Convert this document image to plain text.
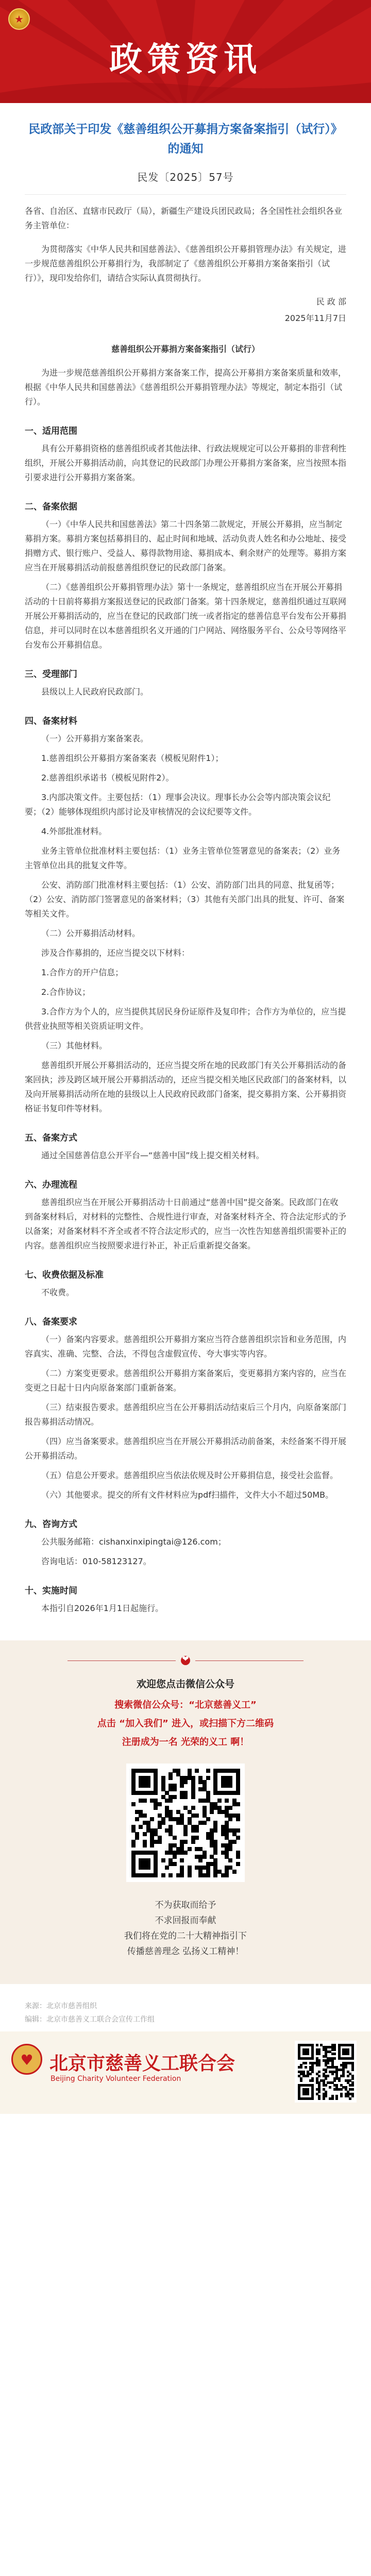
★
政策资讯
民政部关于印发《慈善组织公开募捐方案备案指引（试行）》的通知
民发〔2025〕57号
各省、自治区、直辖市民政厅（局），新疆生产建设兵团民政局；各全国性社会组织各业务主管单位：
为贯彻落实《中华人民共和国慈善法》、《慈善组织公开募捐管理办法》有关规定，进一步规范慈善组织公开募捐行为，我部制定了《慈善组织公开募捐方案备案指引（试行）》，现印发给你们，请结合实际认真贯彻执行。
民 政 部
2025年11月7日
慈善组织公开募捐方案备案指引（试行）
为进一步规范慈善组织公开募捐方案备案工作，提高公开募捐方案备案质量和效率，根据《中华人民共和国慈善法》《慈善组织公开募捐管理办法》等规定，制定本指引（试行）。
一、适用范围
具有公开募捐资格的慈善组织或者其他法律、行政法规规定可以公开募捐的非营利性组织，开展公开募捐活动前，向其登记的民政部门办理公开募捐方案备案，应当按照本指引要求进行公开募捐方案备案。
二、备案依据
（一）《中华人民共和国慈善法》第二十四条第二款规定，开展公开募捐，应当制定募捐方案。募捐方案包括募捐目的、起止时间和地域、活动负责人姓名和办公地址、接受捐赠方式、银行账户、受益人、募得款物用途、募捐成本、剩余财产的处理等。募捐方案应当在开展募捐活动前报慈善组织登记的民政部门备案。
（二）《慈善组织公开募捐管理办法》第十一条规定，慈善组织应当在开展公开募捐活动的十日前将募捐方案报送登记的民政部门备案。第十四条规定，慈善组织通过互联网开展公开募捐活动的，应当在登记的民政部门统一或者指定的慈善信息平台发布公开募捐信息，并可以同时在以本慈善组织名义开通的门户网站、网络服务平台、公众号等网络平台发布公开募捐信息。
三、受理部门
县级以上人民政府民政部门。
四、备案材料
（一）公开募捐方案备案表。
1.慈善组织公开募捐方案备案表（模板见附件1）；
2.慈善组织承诺书（模板见附件2）。
3.内部决策文件。主要包括：（1）理事会决议。理事长办公会等内部决策会议纪要；（2）能够体现组织内部讨论及审核情况的会议纪要等文件。
4.外部批准材料。
业务主管单位批准材料主要包括：（1）业务主管单位签署意见的备案表；（2）业务主管单位出具的批复文件等。
公安、消防部门批准材料主要包括：（1）公安、消防部门出具的同意、批复函等；（2）公安、消防部门签署意见的备案材料；（3）其他有关部门出具的批复、许可、备案等相关文件。
（二）公开募捐活动材料。
涉及合作募捐的，还应当提交以下材料：
1.合作方的开户信息；
2.合作协议；
3.合作方为个人的，应当提供其居民身份证原件及复印件；合作方为单位的，应当提供营业执照等相关资质证明文件。
（三）其他材料。
慈善组织开展公开募捐活动的，还应当提交所在地的民政部门有关公开募捐活动的备案回执；涉及跨区域开展公开募捐活动的，还应当提交相关地区民政部门的备案材料，以及向开展募捐活动所在地的县级以上人民政府民政部门备案，提交募捐方案、公开募捐资格证书复印件等材料。
五、备案方式
通过全国慈善信息公开平台—“慈善中国”线上提交相关材料。
六、办理流程
慈善组织应当在开展公开募捐活动十日前通过“慈善中国”提交备案。民政部门在收到备案材料后，对材料的完整性、合规性进行审查，对备案材料齐全、符合法定形式的予以备案；对备案材料不齐全或者不符合法定形式的，应当一次性告知慈善组织需要补正的内容。慈善组织应当按照要求进行补正，补正后重新提交备案。
七、收费依据及标准
不收费。
八、备案要求
（一）备案内容要求。慈善组织公开募捐方案应当符合慈善组织宗旨和业务范围，内容真实、准确、完整、合法，不得包含虚假宣传、夸大事实等内容。
（二）方案变更要求。慈善组织公开募捐方案备案后，变更募捐方案内容的，应当在变更之日起十日内向原备案部门重新备案。
（三）结束报告要求。慈善组织应当在公开募捐活动结束后三个月内，向原备案部门报告募捐活动情况。
（四）应当备案要求。慈善组织应当在开展公开募捐活动前备案，未经备案不得开展公开募捐活动。
（五）信息公开要求。慈善组织应当依法依规及时公开募捐信息，接受社会监督。
（六）其他要求。提交的所有文件材料应为pdf扫描件，文件大小不超过50MB。
九、咨询方式
公共服务邮箱：cishanxinxipingtai@126.com；
咨询电话：010-58123127。
十、实施时间
本指引自2026年1月1日起施行。
❤
欢迎您点击微信公众号
搜索微信公众号：“北京慈善义工”
点击 “加入我们” 进入，或扫描下方二维码
注册成为一名 光荣的义工 啊！
不为获取而给予
不求回报而奉献
我们将在党的二十大精神指引下
传播慈善理念 弘扬义工精神！
来源：北京市慈善组织
编辑：北京市慈善义工联合会宣传工作组
♥
北京市慈善义工联合会
Beijing Charity Volunteer Federation
